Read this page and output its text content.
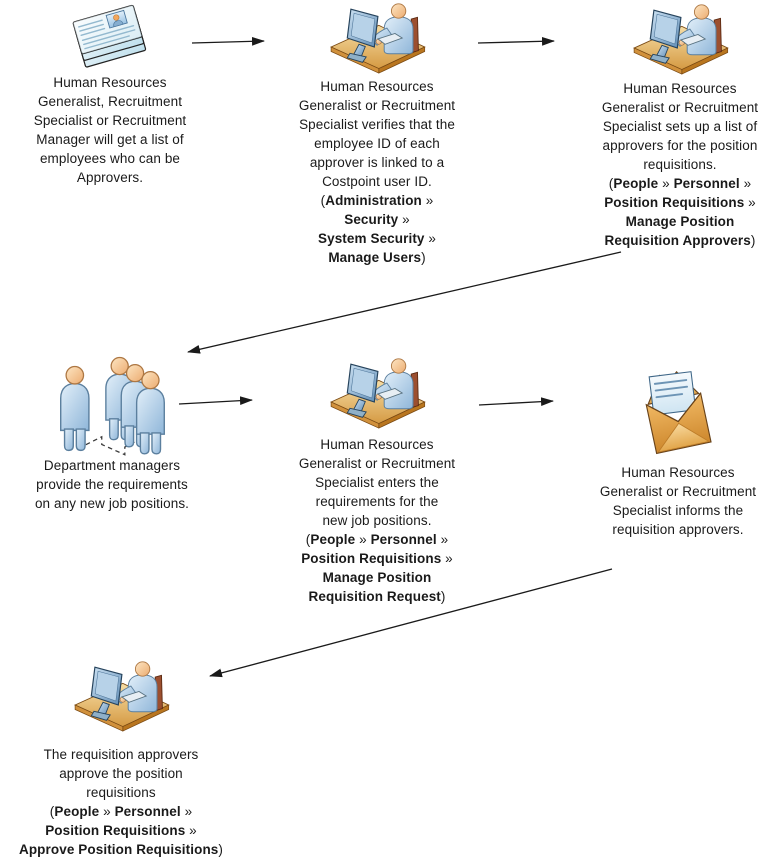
Human Resources
Generalist, Recruitment
Specialist or Recruitment
Manager will get a list of
employees who can be
Approvers.
Human Resources
Generalist or Recruitment
Specialist verifies that the
employee ID of each
approver is linked to a
Costpoint user ID.
(Administration »
Security »
System Security »
Manage Users)
Human Resources
Generalist or Recruitment
Specialist sets up a list of
approvers for the position
requisitions.
(People » Personnel »
Position Requisitions »
Manage Position
Requisition Approvers)
Department managers
provide the requirements
on any new job positions.
Human Resources
Generalist or Recruitment
Specialist enters the
requirements for the
new job positions.
(People » Personnel »
Position Requisitions »
Manage Position
Requisition Request)
Human Resources
Generalist or Recruitment
Specialist informs the
requisition approvers.
The requisition approvers
approve the position
requisitions
(People » Personnel »
Position Requisitions »
Approve Position Requisitions)
